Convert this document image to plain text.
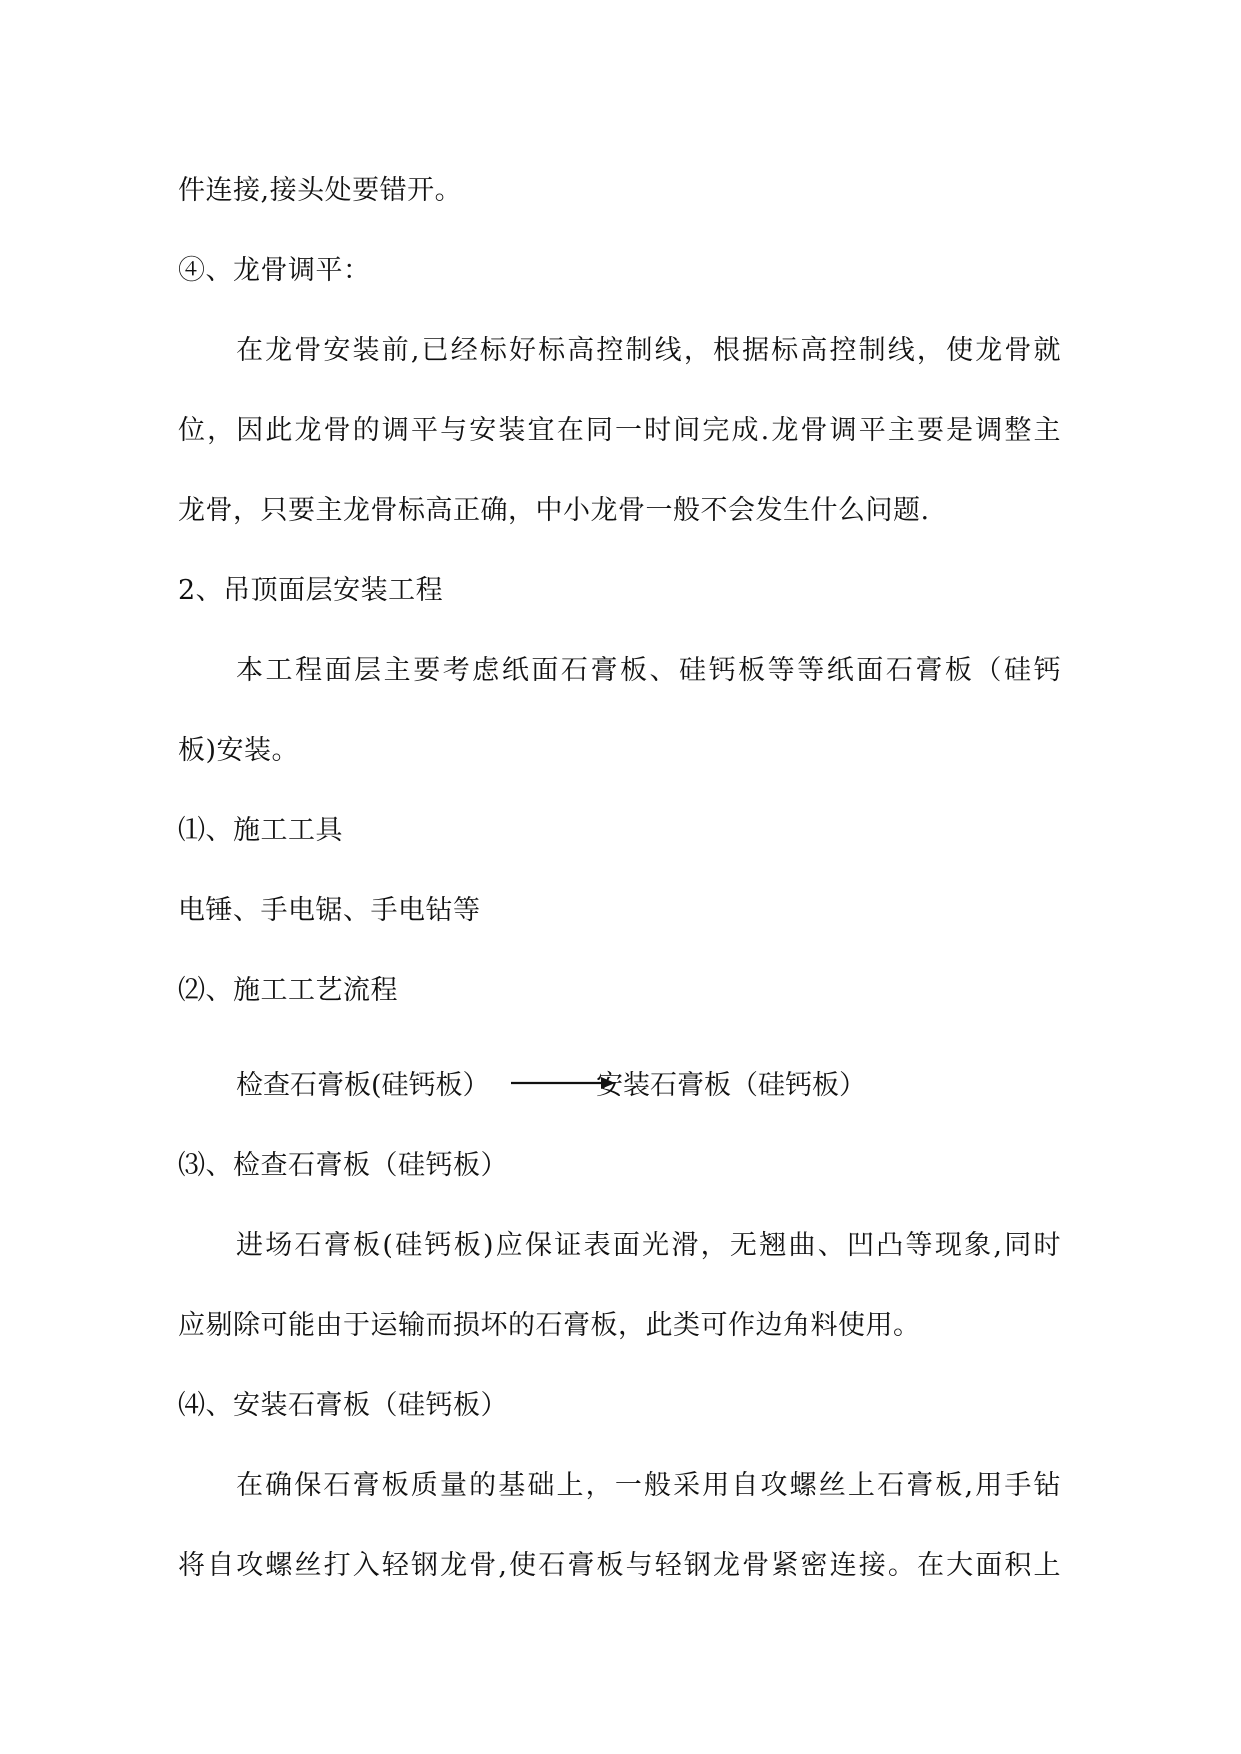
件连接,接头处要错开。
④、龙骨调平：
在龙骨安装前,已经标好标高控制线，根据标高控制线，使龙骨就
位，因此龙骨的调平与安装宜在同一时间完成.龙骨调平主要是调整主
龙骨，只要主龙骨标高正确，中小龙骨一般不会发生什么问题.
2、吊顶面层安装工程
本工程面层主要考虑纸面石膏板、硅钙板等等纸面石膏板（硅钙
板)安装。
⑴、施工工具
电锤、手电锯、手电钻等
⑵、施工工艺流程
检查石膏板(硅钙板）	安装石膏板（硅钙板）
⑶、检查石膏板（硅钙板）
进场石膏板(硅钙板)应保证表面光滑，无翘曲、凹凸等现象,同时
应剔除可能由于运输而损坏的石膏板，此类可作边角料使用。
⑷、安装石膏板（硅钙板）
在确保石膏板质量的基础上，一般采用自攻螺丝上石膏板,用手钻
将自攻螺丝打入轻钢龙骨,使石膏板与轻钢龙骨紧密连接。在大面积上
